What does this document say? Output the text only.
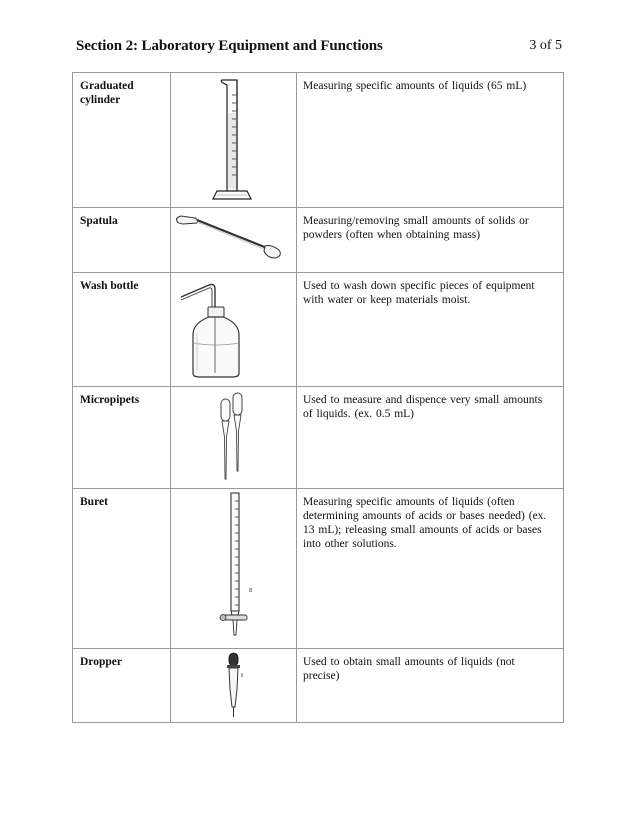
Section 2: Laboratory Equipment and Functions	3 of 5
Graduated cylinder		Measuring specific amounts of liquids (65 mL)

Spatula		Measuring/removing small amounts of solids or powders (often when obtaining mass)

Wash bottle		Used to wash down specific pieces of equipment with water or keep materials moist.

Micropipets		Used to measure and dispence very small amounts of liquids. (ex. 0.5 mL)

Buret	B	Measuring specific amounts of liquids (often determining amounts of acids or bases needed) (ex. 13 mL); releasing small amounts of acids or bases into other solutions.

Dropper		Used to obtain small amounts of liquids (not precise)
